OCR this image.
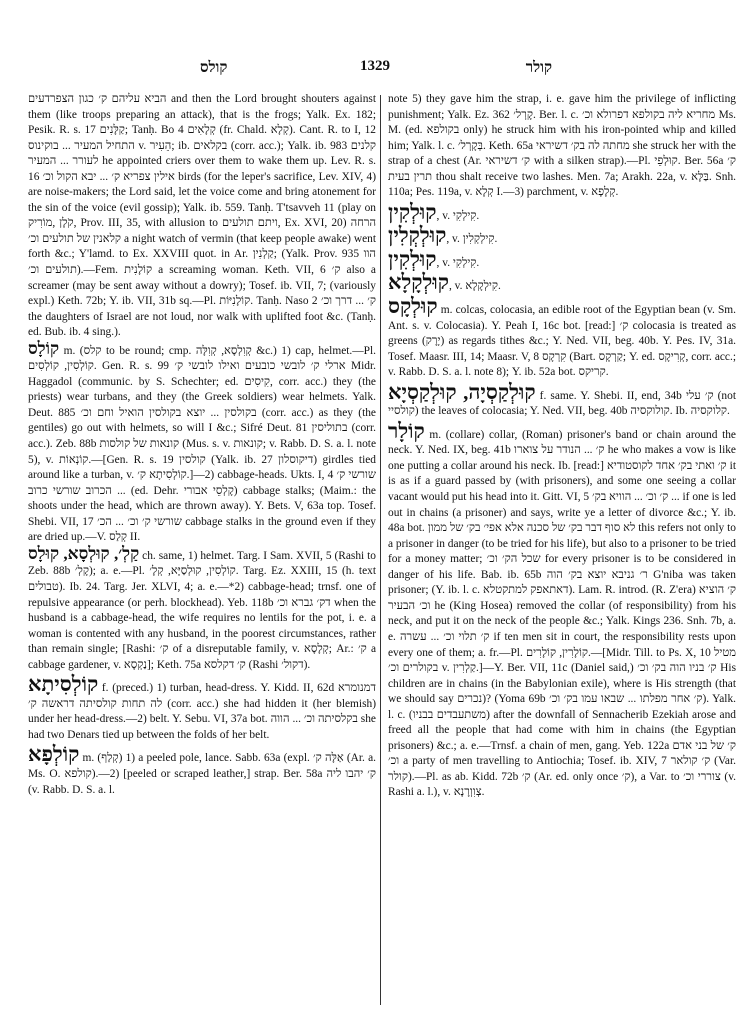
קולס	1329	קולר

הביא עליהם ק׳ כגון הצפרדעים and then the Lord brought shouters against them (like troops preparing an attack), that is the frogs; Yalk. Ex. 182; Pesik. R. s. 17 קַלָּנִים; Tanḥ. Bo 4 קְלָאִים (fr. Chald. קְלָא). Cant. R. to I, 12 התחיל המעיר ... בוקינוס v. הֵעִיר; ib. בקלאים (corr. acc.); Yalk. ib. 983 קלנים לעורר ... המעיר he appointed criers over them to wake them up. Lev. R. s. 16 אילין צפריא ק׳ ... יבא הקול וכ׳ birds (for the leper's sacrifice, Lev. XIV, 4) are noise-makers; the Lord said, let the voice come and bring atonement for the sin of the voice (evil gossip); Yalk. ib. 559. Tanḥ. T'tsavveh 11 (play on קֹלָן ,מוֹרִיק, Prov. III, 35, with allusion to ויתם תולעים, Ex. XVI, 20) הרחה קלאנין של תולעים וכ׳ a night watch of vermin (that keep people awake) went forth &c.; Y'lamd. to Ex. XXVIII quot. in Ar. קַלְנִין; (Yalk. Prov. 935 הוו תולעים וכ׳).—Fem. קוֹלָנִית a screaming woman. Keth. VII, 6 ק׳ also a screamer (may be sent away without a dowry); Tosef. ib. VII, 7; (variously expl.) Keth. 72b; Y. ib. VII, 31b sq.—Pl. קוֹלָנִיּוֹת. Tanḥ. Naso 2 ק׳ ... דרך וכ׳ the daughters of Israel are not loud, nor walk with uplifted foot &c. (Tanḥ. ed. Bub. ib. 4 sing.).

קוֹלָס m. (קלס to be round; cmp. קְוִלְסָא, קְוִלָּה &c.) 1) cap, helmet.—Pl. קוֹלְסִין, קוֹלְסִים. Gen. R. s. 99 ארלי ק׳ לובשי כובעים ואילו לובשי ק׳ Midr. Haggadol (communic. by S. Schechter; ed. קִיסִים, corr. acc.) they (the priests) wear turbans, and they (the Greek soldiers) wear helmets. Yalk. Deut. 885 בקולסין ... יוצא בקולסין הואיל וחם וכ׳ (corr. acc.) as they (the gentiles) go out with helmets, so will I &c.; Sifré Deut. 81 בתוליסין (corr. acc.). Zeb. 88b קונאות של קולסות (Mus. s. v. קונאות; v. Rabb. D. S. a. l. note 5), v. קוֹנְאוֹת.—[Gen. R. s. 19 קולסין (Yalk. ib. 27 דיקוסלון) girdles tied around like a turban, v. קוֹלְסִיתָא ק׳.]—2) cabbage-heads. Ukts. I, 4 שורשי ק׳ הכרוב שורשי כרוב ... (ed. Dehr. קָלְסֵי אבורי) cabbage stalks; (Maim.: the shoots under the head, which are thrown away). Y. Bets. V, 63a top. Tosef. Shebi. VII, 17 שורשי ק׳ וכ׳ ... הכ׳ cabbage stalks in the ground even if they are dried up.—V. קְלַס II.

קַלְ׳, קוּלְסָא, קוּלָס ch. same, 1) helmet. Targ. I Sam. XVII, 5 (Rashi to Zeb. 88b קָלְ׳); a. e.—Pl. קוֹלְסִין, קוּלְסַיָּא, קְלָ׳. Targ. Ez. XXIII, 15 (h. text טבולים). Ib. 24. Targ. Jer. XLVI, 4; a. e.—*2) cabbage-head; trnsf. one of repulsive appearance (or perh. blockhead). Yeb. 118b דק׳ גברא וכ׳ when the husband is a cabbage-head, the wife requires no lentils for the pot, i. e. a woman is contented with any husband, in the poorest circumstances, rather than remain single; [Rashi: ק׳ of a disreputable family, v. קְלָסָא; Ar.: ק׳ a cabbage gardener, v. נַקְסָא]; Keth. 75a ק׳ דקלסא (Rashi דקול׳).

קוֹלְסִיתָא f. (preced.) 1) turban, head-dress. Y. Kidd. II, 62d דמנומרא לה תחות קולסיתה דראשה ק׳ (corr. acc.) she had hidden it (her blemish) under her head-dress.—2) belt. Y. Sebu. VI, 37a bot. בקלסיתה וכ׳ ... הווה she had two Denars tied up between the folds of her belt.

קוֹלְפָא m. (קְלַף) 1) a peeled pole, lance. Sabb. 63a (expl. אַלָּה ק׳ (Ar. a. Ms. O. קולפא).—2) [peeled or scraped leather,] strap. Ber. 58a ק׳ יהבו ליה (v. Rabb. D. S. a. l.

note 5) they gave him the strap, i. e. gave him the privilege of inflicting punishment; Yalk. Ez. 362 קָרְל׳. Ber. l. c. מחריא ליה בקולפא דפרולא וכ׳ Ms. M. (ed. בקולפא only) he struck him with his iron-pointed whip and killed him; Yalk. l. c. בְּקָרְל׳. Keth. 65a מחתה לה בק׳ דשיראי she struck her with the strap of a chest (Ar. ק׳ דשיראי with a silken strap).—Pl. קוּלְפֵי. Ber. 56a ק׳ תרין בעית thou shalt receive two lashes. Men. 7a; Arakh. 22a, v. בַּלָּא. Snh. 110a; Pes. 119a, v. קְלָא I.—3) parchment, v. קְלָפָא.

קוּלְקִין, v. קִילְקִי.

קוּלְקְלִין, v. קִילְקְלִין.

קוּלְקִין, v. קִילְקִי.

קוּלְקָלָא, v. קִילְקָלָא.

קוּלְקָס m. colcas, colocasia, an edible root of the Egyptian bean (v. Sm. Ant. s. v. Colocasia). Y. Peah I, 16c bot. [read:] ק׳ colocasia is treated as greens (יָרָק) as regards tithes &c.; Y. Ned. VII, beg. 40b. Y. Pes. IV, 31a. Tosef. Maasr. III, 14; Maasr. V, 8 קִרְקָס (Bart. קַרְקָס; Y. ed. קְרִיקָס, corr. acc.; v. Rabb. D. S. a. l. note 8); Y. ib. 52a bot. קריקס.

קוּלְקַסְיָה, קוּלְקַסְיָא f. same. Y. Shebi. II, end, 34b ק׳ עלי (not קולסיי) the leaves of colocasia; Y. Ned. VII, beg. 40b קולוקסיה. Ib. קלוקסיה.

קוֹלָר m. (collare) collar, (Roman) prisoner's band or chain around the neck. Y. Ned. IX, beg. 41b ק׳ ... הנודר על צוארו he who makes a vow is like one putting a collar around his neck. Ib. [read:] ק׳ ואתי בק׳ אחד לקוסטודיא it is as if a guard passed by (with prisoners), and some one seeing a collar vacant would put his head into it. Gitt. VI, 5 ק׳ וכ׳ ... הוויא בק׳ ... if one is led out in chains (a prisoner) and says, write ye a letter of divorce &c.; Y. ib. 48a bot. לא סוף דבר בק׳ של סכנה אלא אפי׳ בק׳ של ממון this refers not only to a prisoner in danger (to be tried for his life), but also to a prisoner to be tried for a money matter; שכל הק׳ וכ׳ for every prisoner is to be considered in danger of his life. Bab. ib. 65b ר׳ גניבא יוצא בק׳ הוה G'niba was taken prisoner; (Y. ib. l. c. דאתאפק למתקטלא). Lam. R. introd. (R. Z'era) ק׳ הוציא וכ׳ הבעיר he (King Hosea) removed the collar (of responsibility) from his neck, and put it on the neck of the people &c.; Yalk. Kings 236. Snh. 7b, a. e. ק׳ תלוי וכ׳ ... עשרה if ten men sit in court, the responsibility rests upon every one of them; a. fr.—Pl. קוֹלָרִין, קוֹלָרִים.—[Midr. Till. to Ps. X, 10 מטיל בקולרים וכ׳ v. קַלְרִין.]—Y. Ber. VII, 11c (Daniel said,) ק׳ בניו הוה בק׳ וכ׳ His children are in chains (in the Babylonian exile), where is His strength (that we should say נכרים)? (Yoma 69b ק׳ אחר מפלתו ... שבאו עמו בק׳ וכ׳). Yalk. l. c. (משתעבדים בבניו) after the downfall of Sennacherib Ezekiah arose and freed all the people that had come with him in chains (the Egyptian prisoners) &c.; a. e.—Trnsf. a chain of men, gang. Yeb. 122a ק׳ של בני אדם וכ׳ a party of men travelling to Antiochia; Tosef. ib. XIV, 7 ק׳ קולאר (Var. קולר).—Pl. as ab. Kidd. 72b ק׳ (Ar. ed. only once ק׳), a Var. to צוררי וכ׳ (v. Rashi a. l.), v. צְוִוְרָנָא.
